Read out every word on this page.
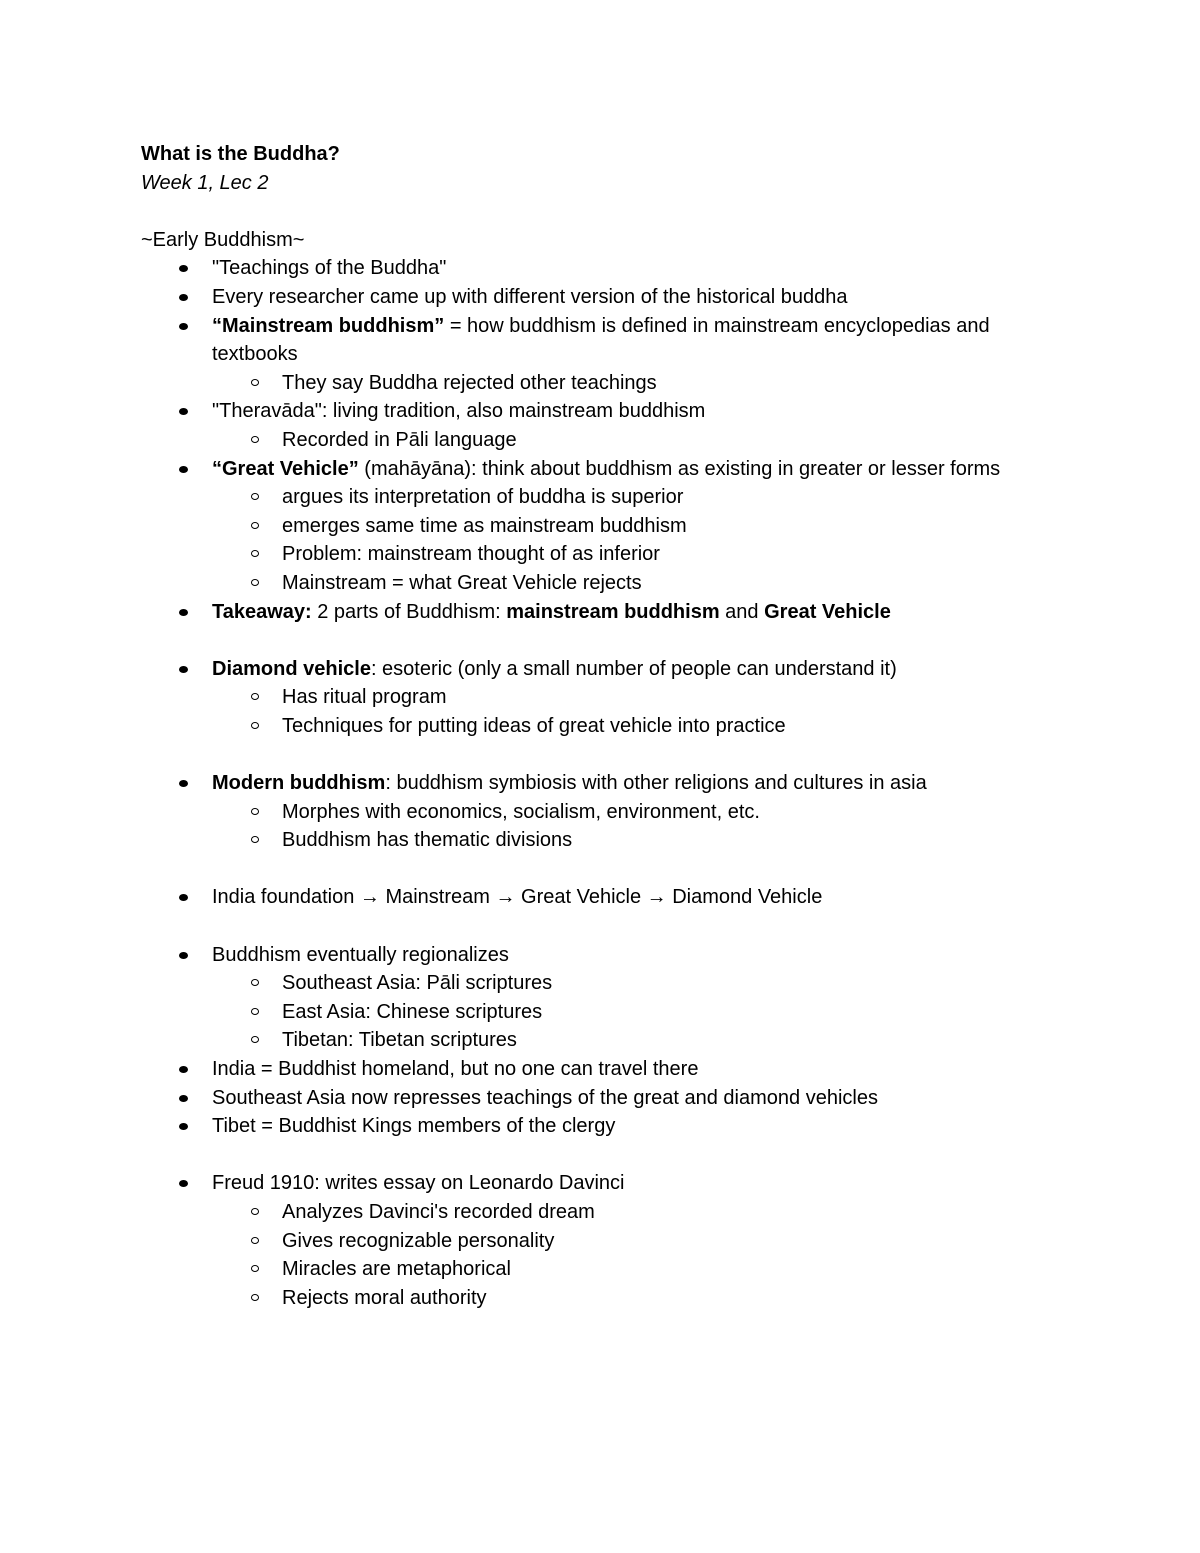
What is the Buddha?

Week 1, Lec 2

~Early Buddhism~

"Teachings of the Buddha"
Every researcher came up with different version of the historical buddha
“Mainstream buddhism” = how buddhism is defined in mainstream encyclopedias and textbooks
They say Buddha rejected other teachings
"Theravāda": living tradition, also mainstream buddhism
Recorded in Pāli language
“Great Vehicle” (mahāyāna): think about buddhism as existing in greater or lesser forms
argues its interpretation of buddha is superior
emerges same time as mainstream buddhism
Problem: mainstream thought of as inferior
Mainstream = what Great Vehicle rejects
Takeaway: 2 parts of Buddhism: mainstream buddhism and Great Vehicle
Diamond vehicle: esoteric (only a small number of people can understand it)
Has ritual program
Techniques for putting ideas of great vehicle into practice
Modern buddhism: buddhism symbiosis with other religions and cultures in asia
Morphes with economics, socialism, environment, etc.
Buddhism has thematic divisions
India foundation → Mainstream → Great Vehicle → Diamond Vehicle
Buddhism eventually regionalizes
Southeast Asia: Pāli scriptures
East Asia: Chinese scriptures
Tibetan: Tibetan scriptures
India = Buddhist homeland, but no one can travel there
Southeast Asia now represses teachings of the great and diamond vehicles
Tibet = Buddhist Kings members of the clergy
Freud 1910: writes essay on Leonardo Davinci
Analyzes Davinci's recorded dream
Gives recognizable personality
Miracles are metaphorical
Rejects moral authority
